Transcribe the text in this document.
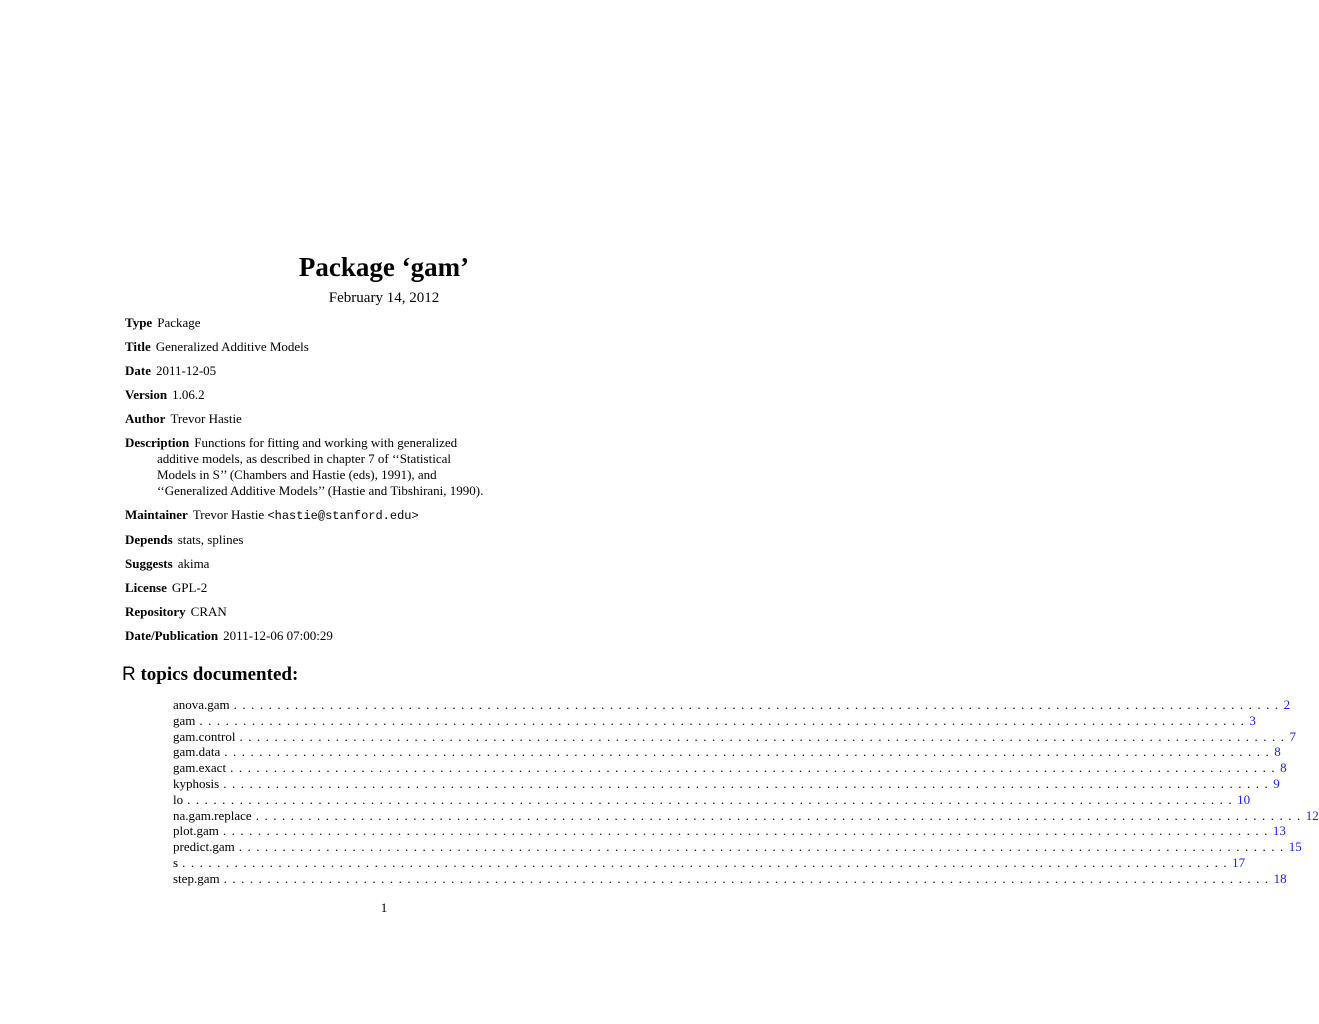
Package ‘gam’
February 14, 2012
Type Package
Title Generalized Additive Models
Date 2011-12-05
Version 1.06.2
Author Trevor Hastie
Description Functions for fitting and working with generalized
additive models, as described in chapter 7 of ‘‘Statistical
Models in S’’ (Chambers and Hastie (eds), 1991), and
‘‘Generalized Additive Models’’ (Hastie and Tibshirani, 1990).
Maintainer Trevor Hastie <hastie@stanford.edu>
Depends stats, splines
Suggests akima
License GPL-2
Repository CRAN
Date/Publication 2011-12-06 07:00:29
R topics documented:
anova.gam ........................................................................................................................ 2
gam ........................................................................................................................ 3
gam.control ........................................................................................................................ 7
gam.data ........................................................................................................................ 8
gam.exact ........................................................................................................................ 8
kyphosis ........................................................................................................................ 9
lo ........................................................................................................................ 10
na.gam.replace ........................................................................................................................ 12
plot.gam ........................................................................................................................ 13
predict.gam ........................................................................................................................ 15
s ........................................................................................................................ 17
step.gam ........................................................................................................................ 18
1
